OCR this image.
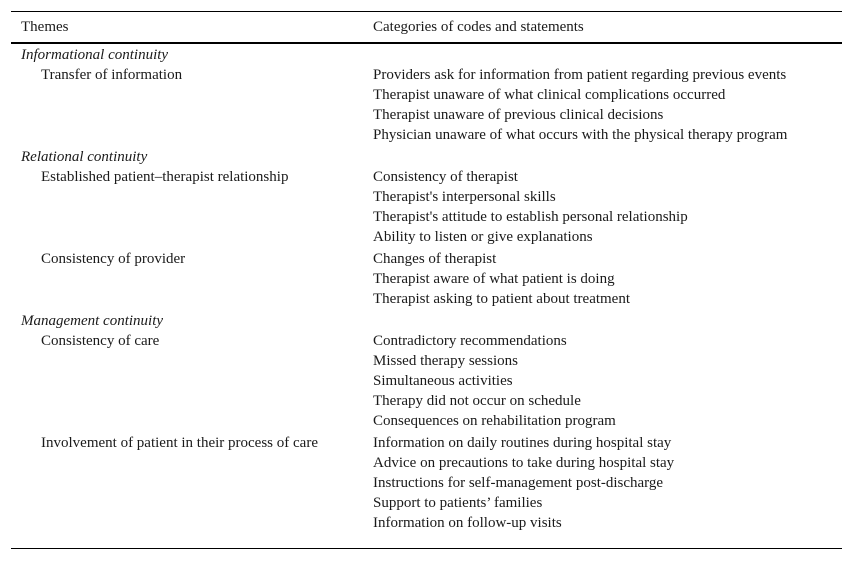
Themes	Categories of codes and statements
Informational continuity
Transfer of information	Providers ask for information from patient regarding previous events
Therapist unaware of what clinical complications occurred
Therapist unaware of previous clinical decisions
Physician unaware of what occurs with the physical therapy program
Relational continuity
Established patient–therapist relationship	Consistency of therapist
Therapist's interpersonal skills
Therapist's attitude to establish personal relationship
Ability to listen or give explanations
Consistency of provider	Changes of therapist
Therapist aware of what patient is doing
Therapist asking to patient about treatment
Management continuity
Consistency of care	Contradictory recommendations
Missed therapy sessions
Simultaneous activities
Therapy did not occur on schedule
Consequences on rehabilitation program
Involvement of patient in their process of care	Information on daily routines during hospital stay
Advice on precautions to take during hospital stay
Instructions for self-management post-discharge
Support to patients’ families
Information on follow-up visits
